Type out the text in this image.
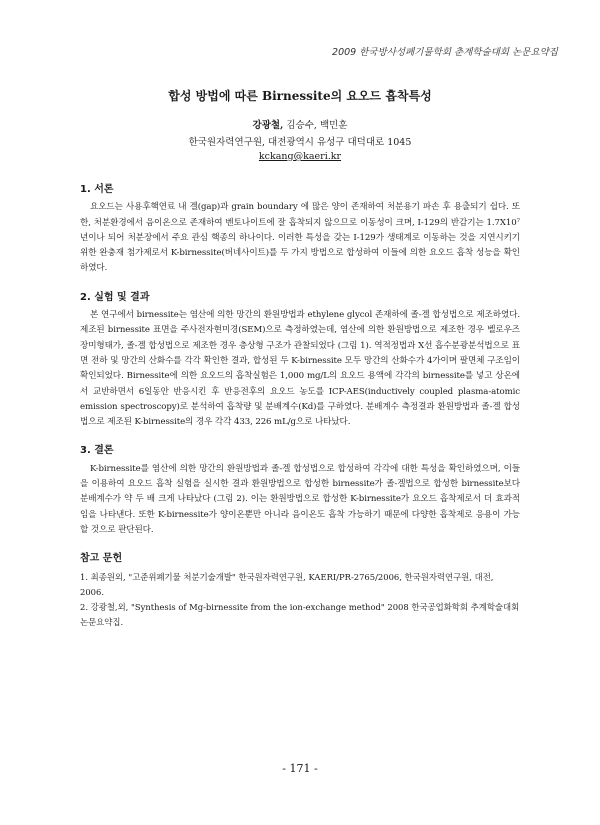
2009 한국방사성폐기물학회 춘계학술대회 논문요약집
합성 방법에 따른 Birnessite의 요오드 흡착특성
강광철, 김승수, 백민훈
한국원자력연구원, 대전광역시 유성구 대덕대로 1045
kckang@kaeri.kr
1. 서론

요오드는 사용후핵연료 내 겔(gap)과 grain boundary 에 많은 양이 존재하여 처분용기 파손 후 용출되기 쉽다. 또한, 처분환경에서 음이온으로 존재하여 벤토나이트에 잘 흡착되지 않으므로 이동성이 크며, I-129의 반감기는 1.7X10⁷년이나 되어 처분장에서 주요 관심 핵종의 하나이다. 이러한 특성을 갖는 I-129가 생태계로 이동하는 것을 지연시키기 위한 완충재 첨가제로서 K-birnessite(버네사이트)를 두 가지 방법으로 합성하여 이들에 의한 요오드 흡착 성능을 확인하였다.

2. 실험 및 결과

본 연구에서 birnessite는 염산에 의한 망간의 환원방법과 ethylene glycol 존재하에 졸-겔 합성법으로 제조하였다. 제조된 birnessite 표면을 주사전자현미경(SEM)으로 측정하였는데, 염산에 의한 환원방법으로 제조한 경우 벨로우즈 장미형태가, 졸-겔 합성법으로 제조한 경우 층상형 구조가 관찰되었다 (그림 1). 역적정법과 X선 흡수분광분석법으로 표면 전하 및 망간의 산화수를 각각 확인한 결과, 합성된 두 K-birnessite 모두 망간의 산화수가 4가이며 팔면체 구조임이 확인되었다. Birnessite에 의한 요오드의 흡착실험은 1,000 mg/L의 요오드 용액에 각각의 birnessite를 넣고 상온에서 교반하면서 6일동안 반응시킨 후 반응전후의 요오드 농도를 ICP-AES(inductively coupled plasma-atomic emission spectroscopy)로 분석하여 흡착량 및 분배계수(Kd)를 구하였다. 분배계수 측정결과 환원방법과 졸-겔 합성법으로 제조된 K-birnessite의 경우 각각 433, 226 mL/g으로 나타났다.

3. 결론

K-birnessite를 염산에 의한 망간의 환원방법과 졸-겔 합성법으로 합성하여 각각에 대한 특성을 확인하였으며, 이들을 이용하여 요오드 흡착 실험을 실시한 결과 환원방법으로 합성한 birnessite가 졸-겔법으로 합성한 birnessite보다 분배계수가 약 두 배 크게 나타났다 (그림 2). 이는 환원방법으로 합성한 K-birnessite가 요오드 흡착제로서 더 효과적임을 나타낸다. 또한 K-birnessite가 양이온뿐만 아니라 음이온도 흡착 가능하기 때문에 다양한 흡착제로 응용이 가능할 것으로 판단된다.

참고 문헌

1. 최종원외, "고준위폐기물 처분기술개발" 한국원자력연구원, KAERI/PR-2765/2006, 한국원자력연구원, 대전, 2006.

2. 강광철,외, "Synthesis of Mg-birnessite from the ion-exchange method" 2008 한국공업화학회 추계학술대회 논문요약집.

- 171 -
